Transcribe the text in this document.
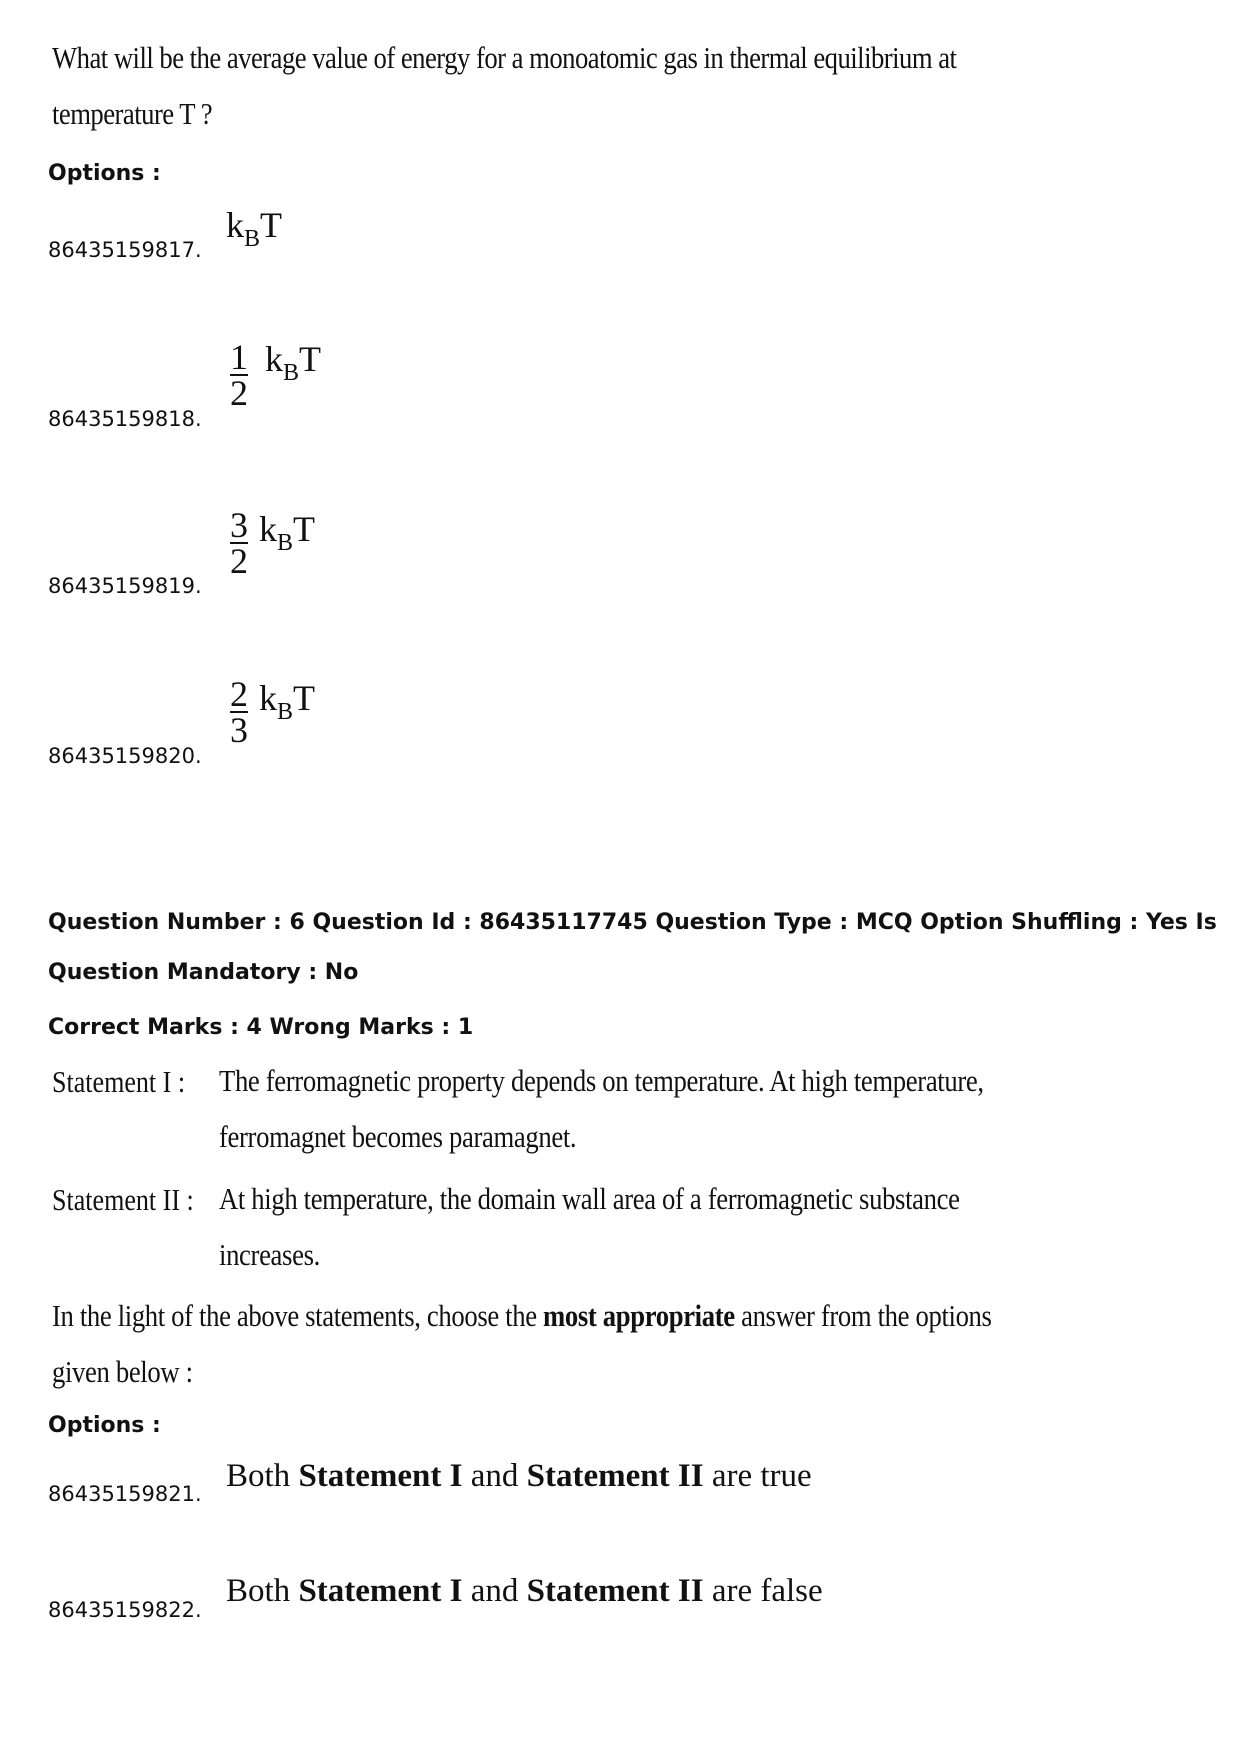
What will be the average value of energy for a monoatomic gas in thermal equilibrium at
temperature T ?
Options :
86435159817.
$k_BT$
86435159818.
$\frac{1}{2} k_BT$
86435159819.
$\frac{3}{2} k_BT$
86435159820.
$\frac{2}{3} k_BT$
Question Number : 6 Question Id : 86435117745 Question Type : MCQ Option Shuffling : Yes Is
Question Mandatory : No
Correct Marks : 4 Wrong Marks : 1
Statement I : The ferromagnetic property depends on temperature. At high temperature,
ferromagnet becomes paramagnet.
Statement II : At high temperature, the domain wall area of a ferromagnetic substance
increases.
In the light of the above statements, choose the most appropriate answer from the options
given below :
Options :
86435159821. Both Statement I and Statement II are true
86435159822.
Both Statement I and Statement II are false
